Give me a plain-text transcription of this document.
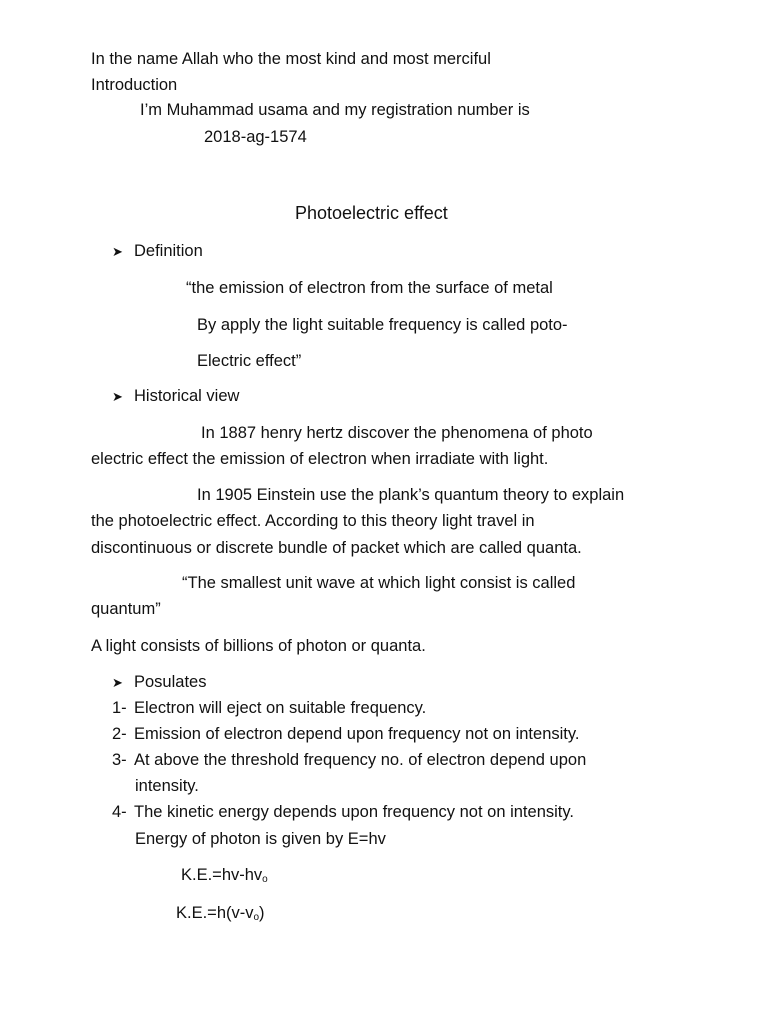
In the name Allah who the most kind and most merciful

Introduction

I’m Muhammad usama and my registration number is

2018-ag-1574

Photoelectric effect

➤ Definition

“the emission of electron from the surface of metal

By apply the light suitable frequency is called poto-

Electric effect”

➤ Historical view

In 1887 henry hertz discover the phenomena of photo

electric effect the emission of electron when irradiate with light.

In 1905 Einstein use the plank’s quantum theory to explain

the photoelectric effect. According to this theory light travel in

discontinuous or discrete bundle of packet which are called quanta.

“The smallest unit wave at which light consist is called

quantum”

A light consists of billions of photon or quanta.

➤ Posulates

1- Electron will eject on suitable frequency.

2- Emission of electron depend upon frequency not on intensity.

3- At above the threshold frequency no. of electron depend upon

intensity.

4- The kinetic energy depends upon frequency not on intensity.

Energy of photon is given by E=hv

$K.E.=hv-hv_o$

$K.E.=h(v-v_o)$
